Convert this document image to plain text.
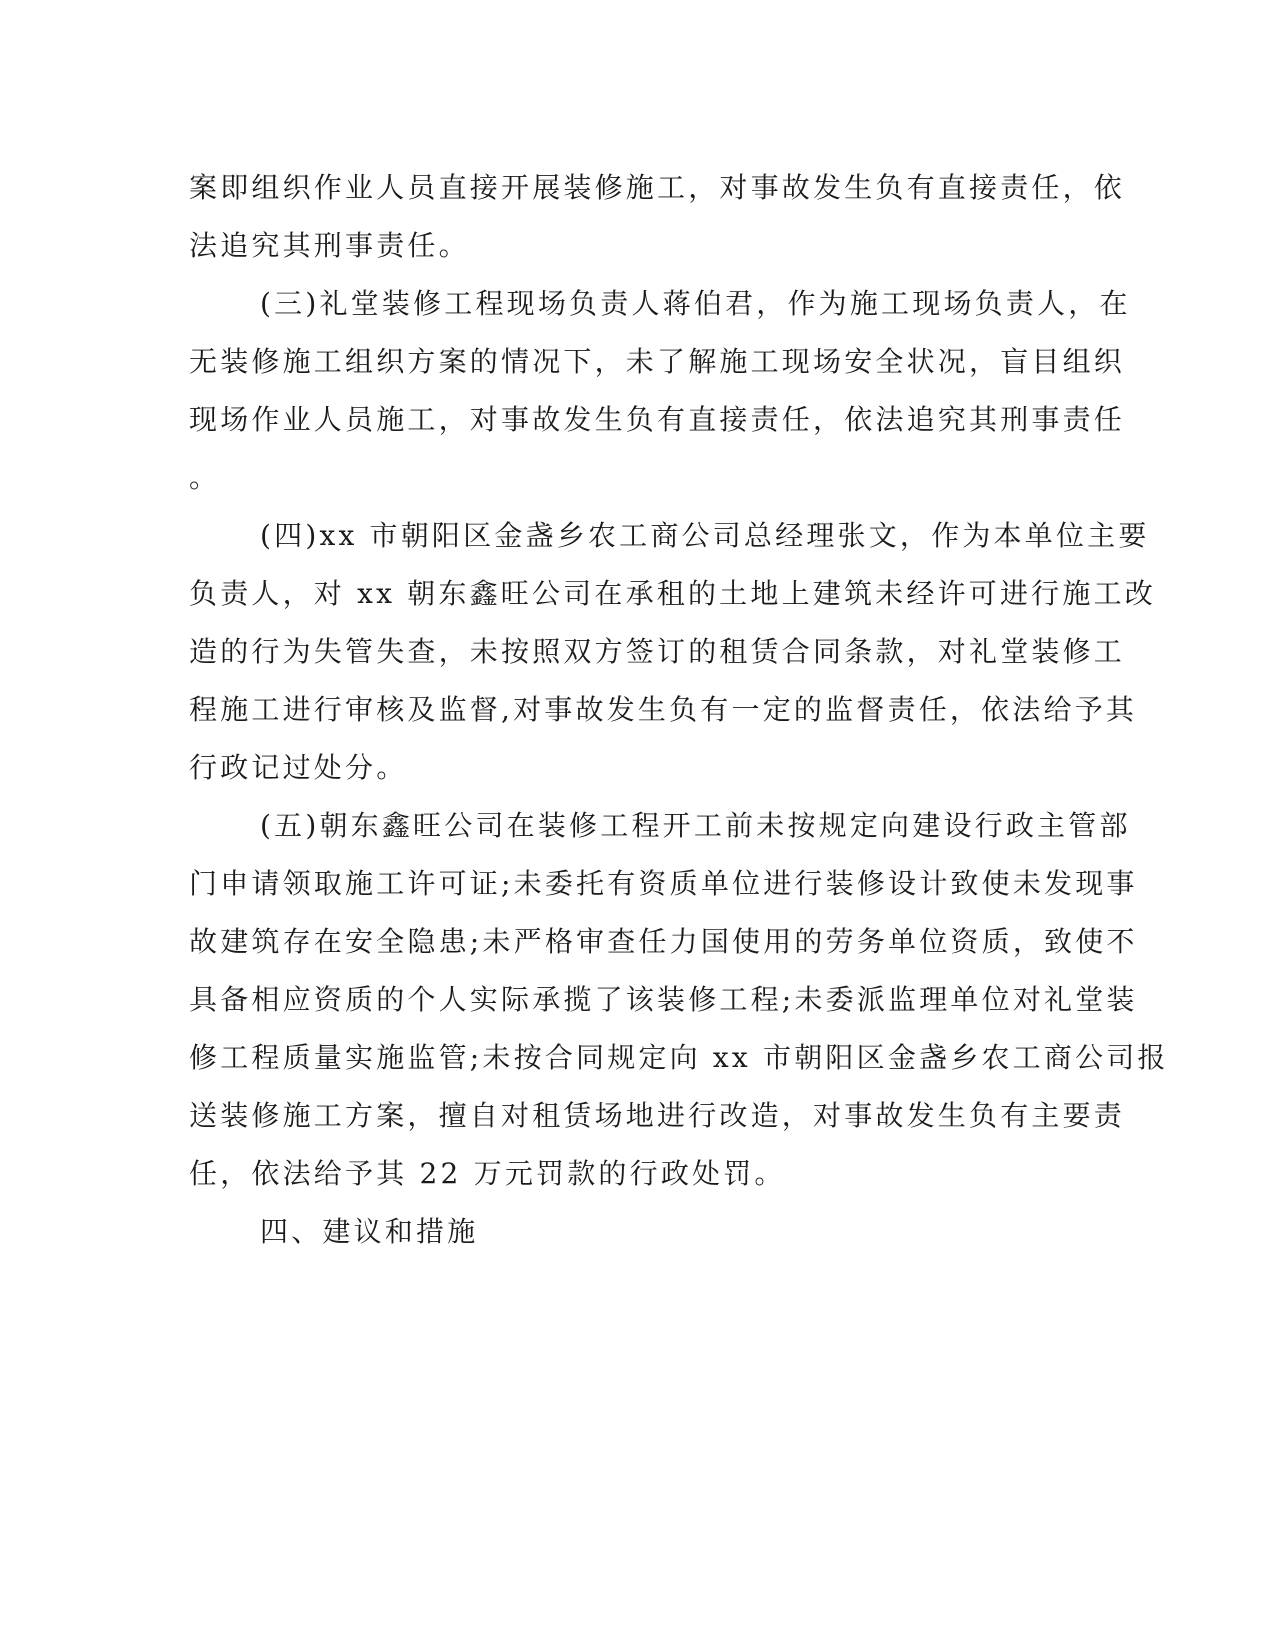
案即组织作业人员直接开展装修施工，对事故发生负有直接责任，依
法追究其刑事责任。
(三)礼堂装修工程现场负责人蒋伯君，作为施工现场负责人，在
无装修施工组织方案的情况下，未了解施工现场安全状况，盲目组织
现场作业人员施工，对事故发生负有直接责任，依法追究其刑事责任
。
(四)xx 市朝阳区金盏乡农工商公司总经理张文，作为本单位主要
负责人，对 xx 朝东鑫旺公司在承租的土地上建筑未经许可进行施工改
造的行为失管失查，未按照双方签订的租赁合同条款，对礼堂装修工
程施工进行审核及监督,对事故发生负有一定的监督责任，依法给予其
行政记过处分。
(五)朝东鑫旺公司在装修工程开工前未按规定向建设行政主管部
门申请领取施工许可证;未委托有资质单位进行装修设计致使未发现事
故建筑存在安全隐患;未严格审查任力国使用的劳务单位资质，致使不
具备相应资质的个人实际承揽了该装修工程;未委派监理单位对礼堂装
修工程质量实施监管;未按合同规定向 xx 市朝阳区金盏乡农工商公司报
送装修施工方案，擅自对租赁场地进行改造，对事故发生负有主要责
任，依法给予其 22 万元罚款的行政处罚。
四、建议和措施
